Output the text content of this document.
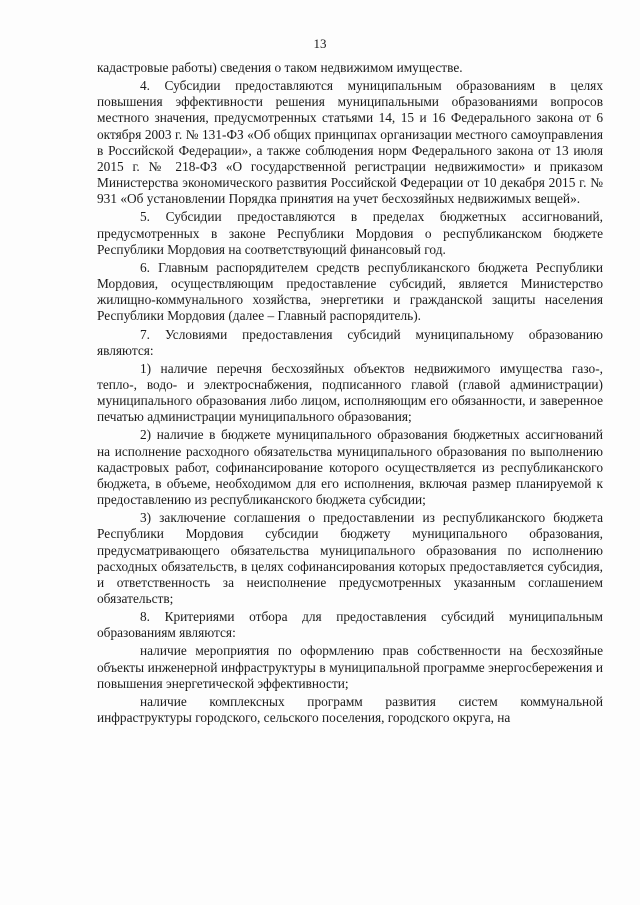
13

кадастровые работы) сведения о таком недвижимом имуществе.

4. Субсидии предоставляются муниципальным образованиям в целях повышения эффективности решения муниципальными образованиями вопросов местного значения, предусмотренных статьями 14, 15 и 16 Федерального закона от 6 октября 2003 г. № 131-ФЗ «Об общих принципах организации местного самоуправления в Российской Федерации», а также соблюдения норм Федерального закона от 13 июля 2015 г. № 218-ФЗ «О государственной регистрации недвижимости» и приказом Министерства экономического развития Российской Федерации от 10 декабря 2015 г. № 931 «Об установлении Порядка принятия на учет бесхозяйных недвижимых вещей».

5. Субсидии предоставляются в пределах бюджетных ассигнований, предусмотренных в законе Республики Мордовия о республиканском бюджете Республики Мордовия на соответствующий финансовый год.

6. Главным распорядителем средств республиканского бюджета Республики Мордовия, осуществляющим предоставление субсидий, является Министерство жилищно-коммунального хозяйства, энергетики и гражданской защиты населения Республики Мордовия (далее – Главный распорядитель).

7. Условиями предоставления субсидий муниципальному образованию являются:

1) наличие перечня бесхозяйных объектов недвижимого имущества газо-, тепло-, водо- и электроснабжения, подписанного главой (главой администрации) муниципального образования либо лицом, исполняющим его обязанности, и заверенное печатью администрации муниципального образования;

2) наличие в бюджете муниципального образования бюджетных ассигнований на исполнение расходного обязательства муниципального образования по выполнению кадастровых работ, софинансирование которого осуществляется из республиканского бюджета, в объеме, необходимом для его исполнения, включая размер планируемой к предоставлению из республиканского бюджета субсидии;

3) заключение соглашения о предоставлении из республиканского бюджета Республики Мордовия субсидии бюджету муниципального образования, предусматривающего обязательства муниципального образования по исполнению расходных обязательств, в целях софинансирования которых предоставляется субсидия, и ответственность за неисполнение предусмотренных указанным соглашением обязательств;

8. Критериями отбора для предоставления субсидий муниципальным образованиям являются:

наличие мероприятия по оформлению прав собственности на бесхозяйные объекты инженерной инфраструктуры в муниципальной программе энергосбережения и повышения энергетической эффективности;

наличие комплексных программ развития систем коммунальной инфраструктуры городского, сельского поселения, городского округа, на
